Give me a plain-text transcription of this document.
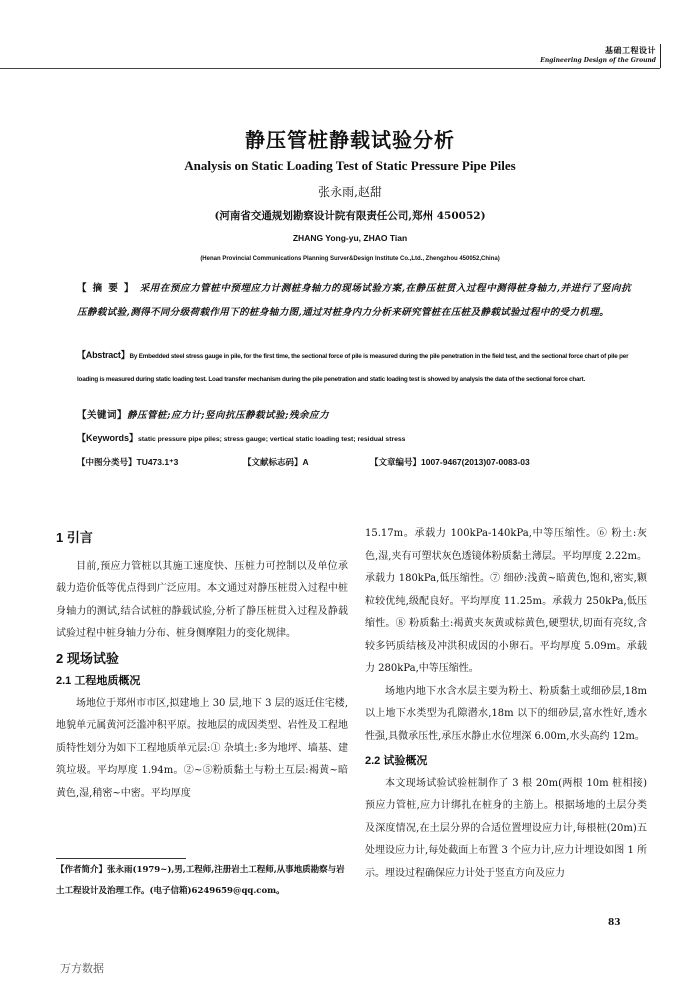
基础工程设计
Engineering Design of the Ground
静压管桩静载试验分析
Analysis on Static Loading Test of Static Pressure Pipe Piles
张永雨,赵甜
(河南省交通规划勘察设计院有限责任公司,郑州 450052)
ZHANG Yong-yu, ZHAO Tian
(Henan Provincial Communications Planning Surver&Design Institute Co.,Ltd., Zhengzhou 450052,China)
【摘要】采用在预应力管桩中预埋应力计测桩身轴力的现场试验方案,在静压桩贯入过程中测得桩身轴力,并进行了竖向抗压静载试验,测得不同分级荷载作用下的桩身轴力图,通过对桩身内力分析来研究管桩在压桩及静载试验过程中的受力机理。
【Abstract】By Embedded steel stress gauge in pile, for the first time, the sectional force of pile is measured during the pile penetration in the field test, and the sectional force chart of pile per loading is measured during static loading test. Load transfer mechanism during the pile penetration and static loading test is showed by analysis the data of the sectional force chart.
【关键词】静压管桩;应力计;竖向抗压静载试验;残余应力
【Keywords】static pressure pipe piles; stress gauge; vertical static loading test; residual stress
【中图分类号】TU473.1⁺3	【文献标志码】A	【文章编号】1007-9467(2013)07-0083-03
1 引言

目前,预应力管桩以其施工速度快、压桩力可控制以及单位承载力造价低等优点得到广泛应用。本文通过对静压桩贯入过程中桩身轴力的测试,结合试桩的静载试验,分析了静压桩贯入过程及静载试验过程中桩身轴力分布、桩身侧摩阻力的变化规律。

2 现场试验
2.1 工程地质概况

场地位于郑州市市区,拟建地上 30 层,地下 3 层的返迁住宅楼,地貌单元属黄河泛滥冲积平原。按地层的成因类型、岩性及工程地质特性划分为如下工程地质单元层:① 杂填土:多为地坪、墙基、建筑垃圾。平均厚度 1.94m。②~⑤粉质黏土与粉土互层:褐黄~暗黄色,湿,稍密~中密。平均厚度

15.17m。承载力 100kPa-140kPa,中等压缩性。⑥ 粉土:灰色,湿,夹有可塑状灰色透镜体粉质黏土薄层。平均厚度 2.22m。承载力 180kPa,低压缩性。⑦ 细砂:浅黄~暗黄色,饱和,密实,颗粒较优纯,级配良好。平均厚度 11.25m。承载力 250kPa,低压缩性。⑧ 粉质黏土:褐黄夹灰黄或棕黄色,硬塑状,切面有亮纹,含较多钙质结核及冲洪积成因的小卵石。平均厚度 5.09m。承载力 280kPa,中等压缩性。

场地内地下水含水层主要为粉土、粉质黏土或细砂层,18m 以上地下水类型为孔隙潜水,18m 以下的细砂层,富水性好,透水性强,具微承压性,承压水静止水位埋深 6.00m,水头高约 12m。

2.2 试验概况

本文现场试验试验桩制作了 3 根 20m(两根 10m 桩相接)预应力管桩,应力计绑扎在桩身的主筋上。根据场地的土层分类及深度情况,在土层分界的合适位置埋设应力计,每根桩(20m)五处埋设应力计,每处截面上布置 3 个应力计,应力计埋设如图 1 所示。埋设过程确保应力计处于竖直方向及应力

【作者简介】张永雨(1979~),男,工程师,注册岩土工程师,从事地质勘察与岩土工程设计及治理工作。(电子信箱)624965​9@qq.com。
83
万方数据
